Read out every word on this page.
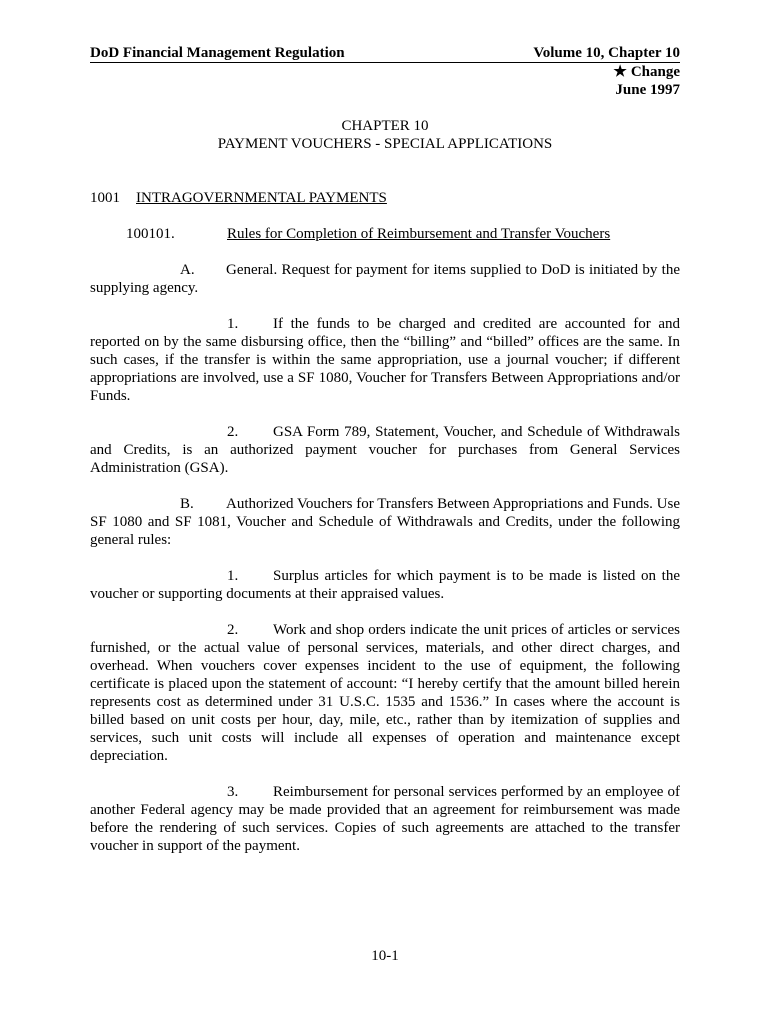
DoD Financial Management Regulation	Volume 10, Chapter 10
★ Change
June 1997
CHAPTER 10
PAYMENT VOUCHERS - SPECIAL APPLICATIONS
1001	INTRAGOVERNMENTAL PAYMENTS
100101.	Rules for Completion of Reimbursement and Transfer Vouchers

A. General. Request for payment for items supplied to DoD is initiated by the supplying agency.

1. If the funds to be charged and credited are accounted for and reported on by the same disbursing office, then the “billing” and “billed” offices are the same. In such cases, if the transfer is within the same appropriation, use a journal voucher; if different appropriations are involved, use a SF 1080, Voucher for Transfers Between Appropriations and/or Funds.

2. GSA Form 789, Statement, Voucher, and Schedule of Withdrawals and Credits, is an authorized payment voucher for purchases from General Services Administration (GSA).

B. Authorized Vouchers for Transfers Between Appropriations and Funds. Use SF 1080 and SF 1081, Voucher and Schedule of Withdrawals and Credits, under the following general rules:

1. Surplus articles for which payment is to be made is listed on the voucher or supporting documents at their appraised values.

2. Work and shop orders indicate the unit prices of articles or services furnished, or the actual value of personal services, materials, and other direct charges, and overhead. When vouchers cover expenses incident to the use of equipment, the following certificate is placed upon the statement of account: “I hereby certify that the amount billed herein represents cost as determined under 31 U.S.C. 1535 and 1536.” In cases where the account is billed based on unit costs per hour, day, mile, etc., rather than by itemization of supplies and services, such unit costs will include all expenses of operation and maintenance except depreciation.

3. Reimbursement for personal services performed by an employee of another Federal agency may be made provided that an agreement for reimbursement was made before the rendering of such services. Copies of such agreements are attached to the transfer voucher in support of the payment.

10-1
